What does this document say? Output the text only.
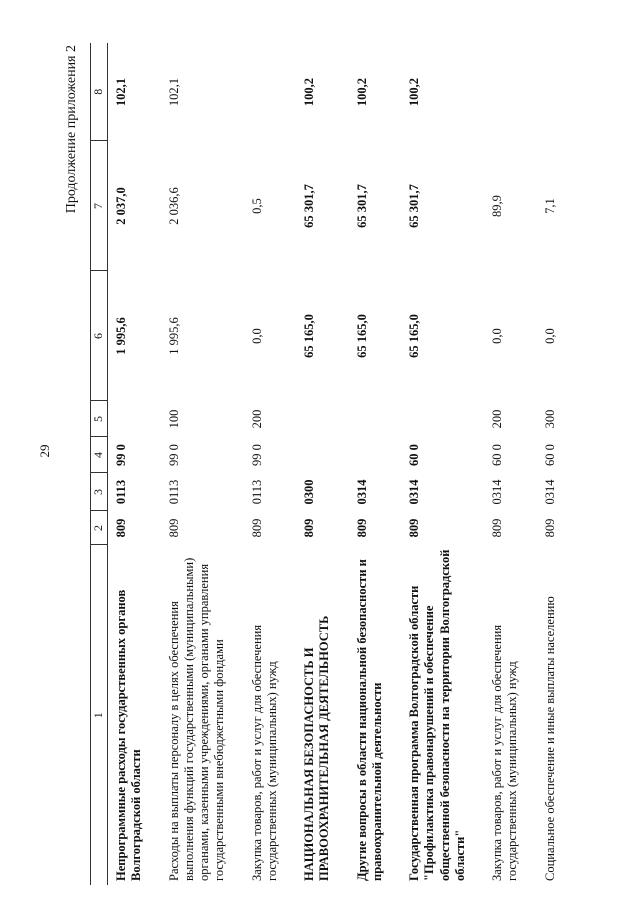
29
Продолжение приложения 2
1	2	3	4	5	6	7	8
Непрограммные расходы государственных органов Волгоградской области	809	0113	99 0		1 995,6	2 037,0	102,1
Расходы на выплаты персоналу в целях обеспечения выполнения функций государственными (муниципальными) органами, казенными учреждениями, органами управления государственными внебюджетными фондами	809	0113	99 0	100	1 995,6	2 036,6	102,1
Закупка товаров, работ и услуг для обеспечения государственных (муниципальных) нужд	809	0113	99 0	200	0,0	0,5	
НАЦИОНАЛЬНАЯ БЕЗОПАСНОСТЬ И ПРАВООХРАНИТЕЛЬНАЯ ДЕЯТЕЛЬНОСТЬ	809	0300			65 165,0	65 301,7	100,2
Другие вопросы в области национальной безопасности и правоохранительной деятельности	809	0314			65 165,0	65 301,7	100,2
Государственная программа Волгоградской области "Профилактика правонарушений и обеспечение общественной безопасности на территории Волгоградской области"	809	0314	60 0		65 165,0	65 301,7	100,2
Закупка товаров, работ и услуг для обеспечения государственных (муниципальных) нужд	809	0314	60 0	200	0,0	89,9	
Социальное обеспечение и иные выплаты населению	809	0314	60 0	300	0,0	7,1	
